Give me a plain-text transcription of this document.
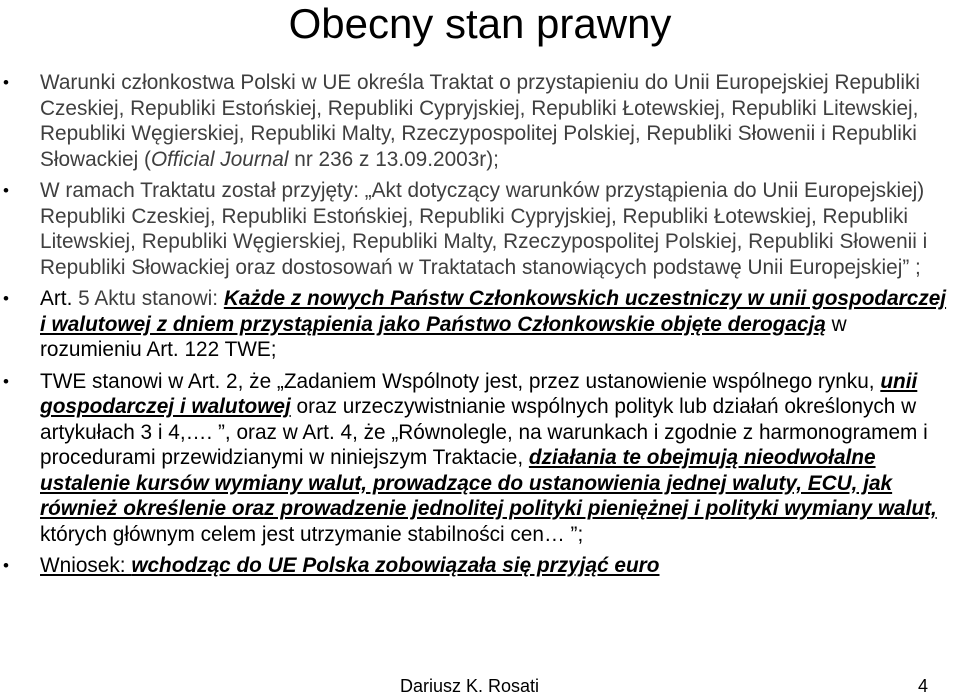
Obecny stan prawny
• Warunki członkostwa Polski w UE określa Traktat o przystapieniu do Unii Europejskiej Republiki Czeskiej, Republiki Estońskiej, Republiki Cypryjskiej, Republiki Łotewskiej, Republiki Litewskiej, Republiki Węgierskiej, Republiki Malty, Rzeczypospolitej Polskiej, Republiki Słowenii i Republiki Słowackiej (Official Journal nr 236 z 13.09.2003r);
• W ramach Traktatu został przyjęty: „Akt dotyczący warunków przystąpienia do Unii Europejskiej) Republiki Czeskiej, Republiki Estońskiej, Republiki Cypryjskiej, Republiki Łotewskiej, Republiki Litewskiej, Republiki Węgierskiej, Republiki Malty, Rzeczypospolitej Polskiej, Republiki Słowenii i Republiki Słowackiej oraz dostosowań w Traktatach stanowiących podstawę Unii Europejskiej” ;
• Art. 5 Aktu stanowi: Każde z nowych Państw Członkowskich uczestniczy w unii gospodarczej i walutowej z dniem przystąpienia jako Państwo Członkowskie objęte derogacją w rozumieniu Art. 122 TWE;
• TWE stanowi w Art. 2, że „Zadaniem Wspólnoty jest, przez ustanowienie wspólnego rynku, unii gospodarczej i walutowej oraz urzeczywistnianie wspólnych polityk lub działań określonych w artykułach 3 i 4,…. ”, oraz w Art. 4, że „Równolegle, na warunkach i zgodnie z harmonogramem i procedurami przewidzianymi w niniejszym Traktacie, działania te obejmują nieodwołalne ustalenie kursów wymiany walut, prowadzące do ustanowienia jednej waluty, ECU, jak również określenie oraz prowadzenie jednolitej polityki pieniężnej i polityki wymiany walut, których głównym celem jest utrzymanie stabilności cen… ”;
• Wniosek: wchodząc do UE Polska zobowiązała się przyjąć euro
Dariusz K. Rosati	4
